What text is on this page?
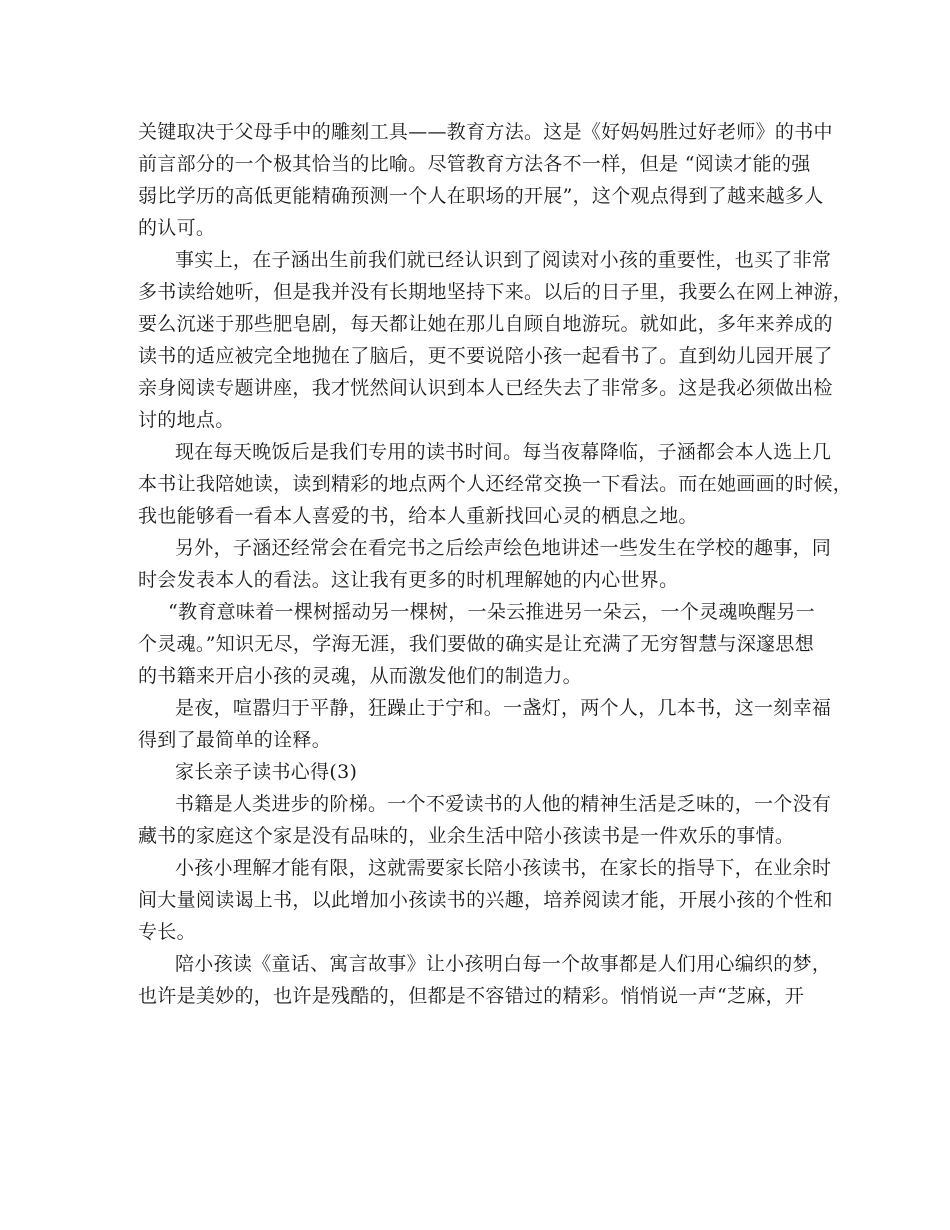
关键取决于父母手中的雕刻工具——教育方法。这是《好妈妈胜过好老师》的书中
前言部分的一个极其恰当的比喻。尽管教育方法各不一样，但是 “阅读才能的强
弱比学历的高低更能精确预测一个人在职场的开展”，这个观点得到了越来越多人
的认可。
事实上，在子涵出生前我们就已经认识到了阅读对小孩的重要性，也买了非常
多书读给她听，但是我并没有长期地坚持下来。以后的日子里，我要么在网上神游，
要么沉迷于那些肥皂剧，每天都让她在那儿自顾自地游玩。就如此，多年来养成的
读书的适应被完全地抛在了脑后，更不要说陪小孩一起看书了。直到幼儿园开展了
亲身阅读专题讲座，我才恍然间认识到本人已经失去了非常多。这是我必须做出检
讨的地点。
现在每天晚饭后是我们专用的读书时间。每当夜幕降临，子涵都会本人选上几
本书让我陪她读，读到精彩的地点两个人还经常交换一下看法。而在她画画的时候，
我也能够看一看本人喜爱的书，给本人重新找回心灵的栖息之地。
另外，子涵还经常会在看完书之后绘声绘色地讲述一些发生在学校的趣事，同
时会发表本人的看法。这让我有更多的时机理解她的内心世界。
“教育意味着一棵树摇动另一棵树，一朵云推进另一朵云，一个灵魂唤醒另一
个灵魂。”知识无尽，学海无涯，我们要做的确实是让充满了无穷智慧与深邃思想
的书籍来开启小孩的灵魂，从而激发他们的制造力。
是夜，喧嚣归于平静，狂躁止于宁和。一盏灯，两个人，几本书，这一刻幸福
得到了最简单的诠释。
家长亲子读书心得(3)
书籍是人类进步的阶梯。一个不爱读书的人他的精神生活是乏味的，一个没有
藏书的家庭这个家是没有品味的，业余生活中陪小孩读书是一件欢乐的事情。
小孩小理解才能有限，这就需要家长陪小孩读书，在家长的指导下，在业余时
间大量阅读谒上书，以此增加小孩读书的兴趣，培养阅读才能，开展小孩的个性和
专长。
陪小孩读《童话、寓言故事》让小孩明白每一个故事都是人们用心编织的梦，
也许是美妙的，也许是残酷的，但都是不容错过的精彩。悄悄说一声“芝麻，开
